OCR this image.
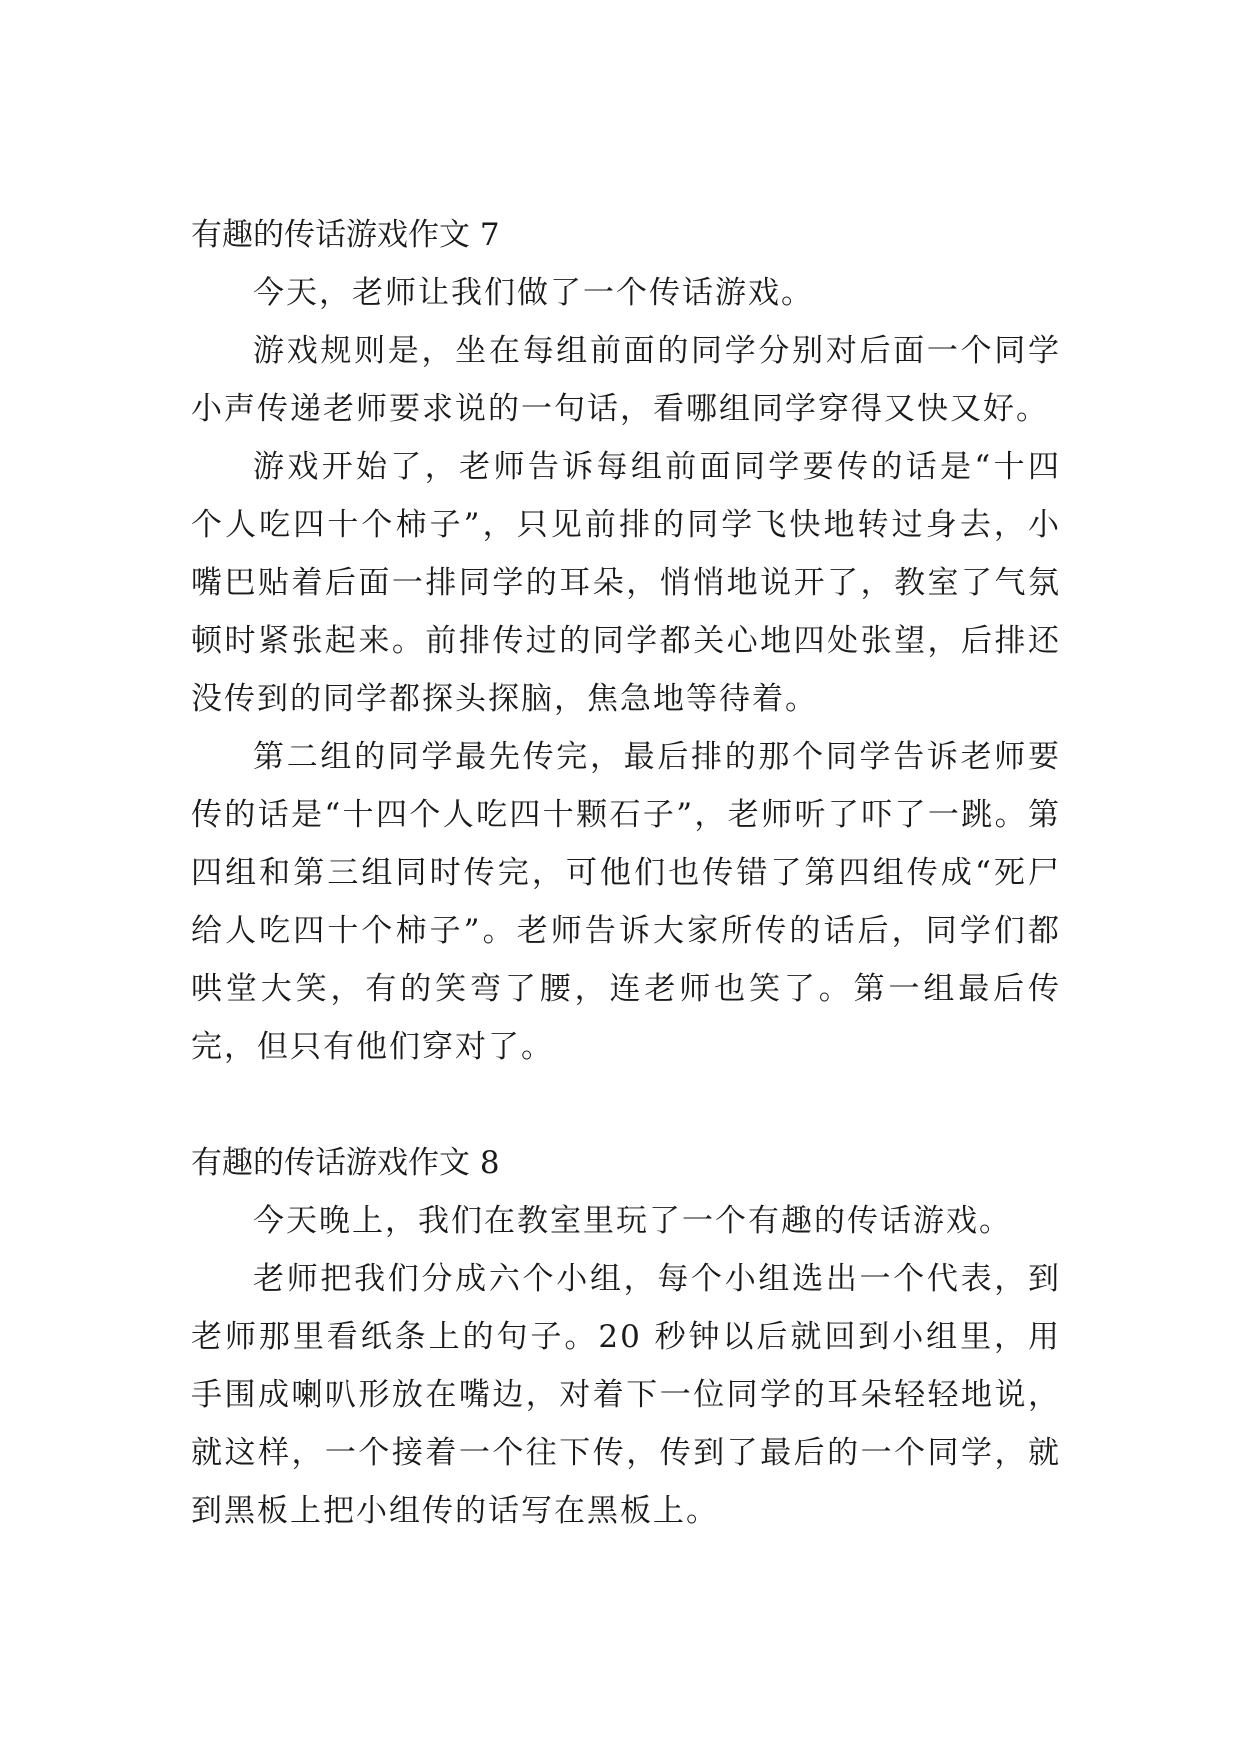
有趣的传话游戏作文 7

今天，老师让我们做了一个传话游戏。

游戏规则是，坐在每组前面的同学分别对后面一个同学小声传递老师要求说的一句话，看哪组同学穿得又快又好。

游戏开始了，老师告诉每组前面同学要传的话是“十四个人吃四十个柿子”，只见前排的同学飞快地转过身去，小嘴巴贴着后面一排同学的耳朵，悄悄地说开了，教室了气氛顿时紧张起来。前排传过的同学都关心地四处张望，后排还没传到的同学都探头探脑，焦急地等待着。

第二组的同学最先传完，最后排的那个同学告诉老师要传的话是“十四个人吃四十颗石子”，老师听了吓了一跳。第四组和第三组同时传完，可他们也传错了第四组传成“死尸给人吃四十个柿子”。老师告诉大家所传的话后，同学们都哄堂大笑，有的笑弯了腰，连老师也笑了。第一组最后传完，但只有他们穿对了。

有趣的传话游戏作文 8

今天晚上，我们在教室里玩了一个有趣的传话游戏。

老师把我们分成六个小组，每个小组选出一个代表，到老师那里看纸条上的句子。20 秒钟以后就回到小组里，用手围成喇叭形放在嘴边，对着下一位同学的耳朵轻轻地说，就这样，一个接着一个往下传，传到了最后的一个同学，就到黑板上把小组传的话写在黑板上。
